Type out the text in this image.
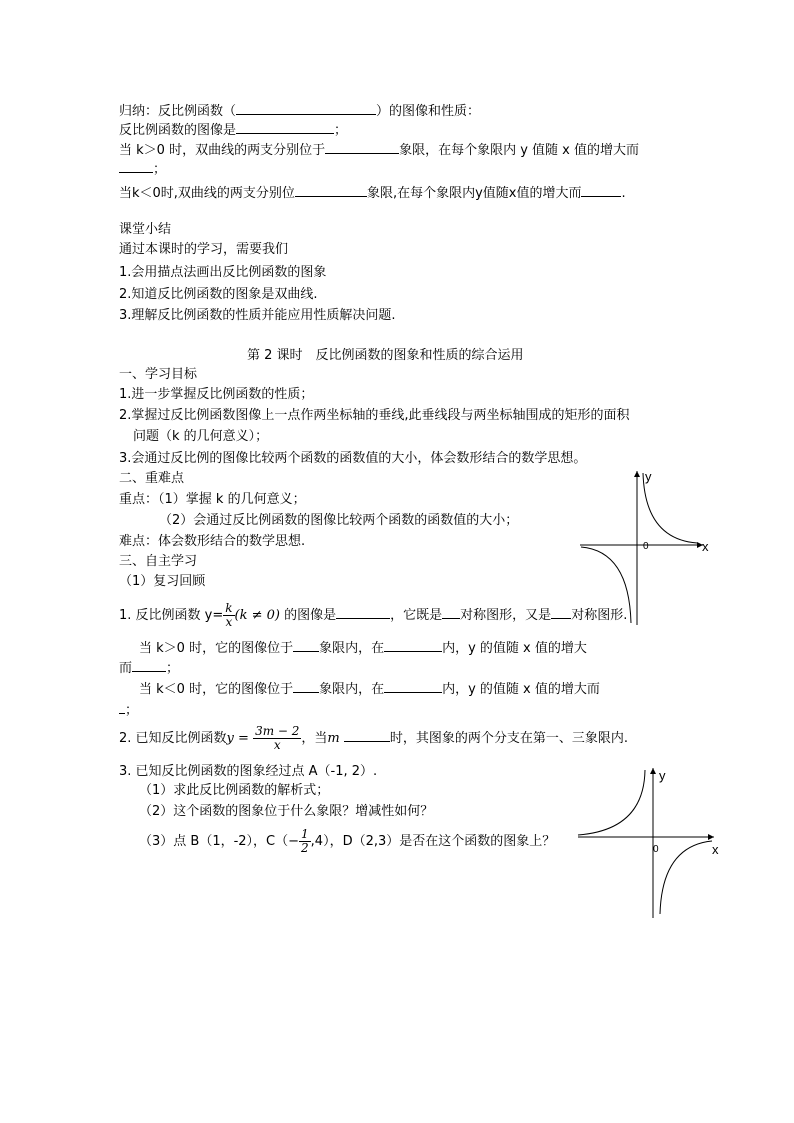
归纳：反比例函数（	）的图像和性质：
反比例函数的图像是	；
当 k＞0 时，双曲线的两支分别位于	象限，在每个象限内 y 值随 x 值的增大而
；
当k＜0时,双曲线的两支分别位	象限,在每个象限内y值随x值的增大而	.
课堂小结
通过本课时的学习，需要我们
1.会用描点法画出反比例函数的图象
2.知道反比例函数的图象是双曲线.
3.理解反比例函数的性质并能应用性质解决问题.
第 2 课时　反比例函数的图象和性质的综合运用
一、学习目标
1.进一步掌握反比例函数的性质；
2.掌握过反比例函数图像上一点作两坐标轴的垂线,此垂线段与两坐标轴围成的矩形的面积
问题（k 的几何意义）；
3.会通过反比例的图像比较两个函数的函数值的大小，体会数形结合的数学思想。
二、重难点
重点：（1）掌握 k 的几何意义；
（2）会通过反比例函数的图像比较两个函数的函数值的大小；
难点：体会数形结合的数学思想.
三、自主学习
（1）复习回顾
y
x
0
1. 反比例函数 $y= \frac{k}{x} (k \ne 0)$ 的图像是	，它既是 对称图形，又是 对称图形.
当 k＞0 时，它的图像位于 象限内，在	内，y 的值随 x 值的增大
而	；
当 k＜0 时，它的图像位于 象限内，在	内，y 的值随 x 值的增大而
；
2. 已知反比例函数$y = \frac{3m - 2}{x}$ ，当m	时，其图象的两个分支在第一、三象限内.
3. 已知反比例函数的图象经过点 A（-1, 2）.
（1）求此反比例函数的解析式；
（2）这个函数的图象位于什么象限？增减性如何？
（3）点 B（1，-2），$C(- \frac{1}{2} ,4)$，D（2,3）是否在这个函数的图象上？
y
x
0
